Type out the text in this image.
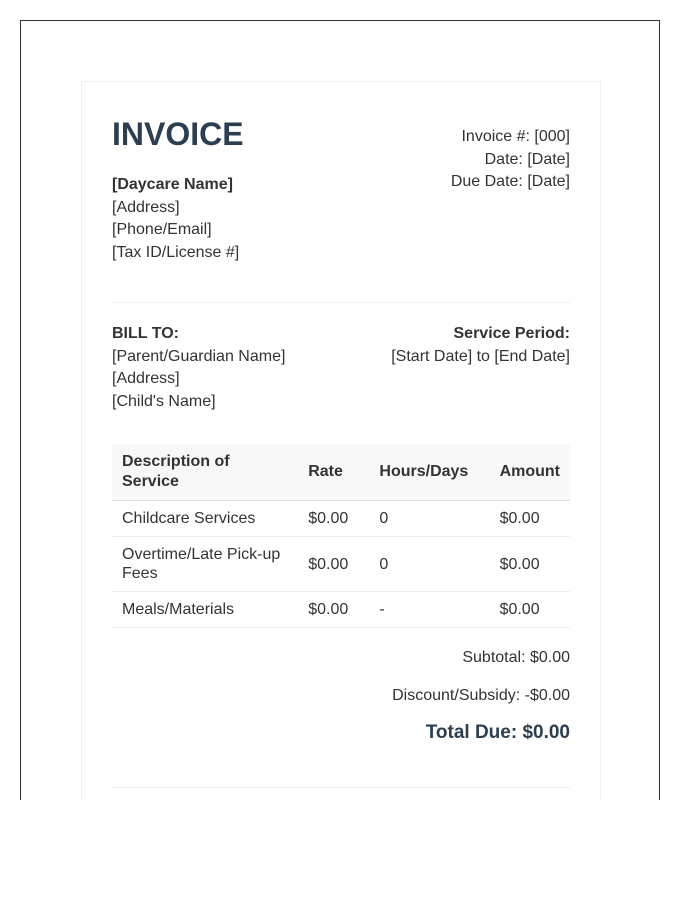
INVOICE
[Daycare Name]
[Address]
[Phone/Email]
[Tax ID/License #]
Invoice #: [000]
Date: [Date]
Due Date: [Date]
BILL TO:
[Parent/Guardian Name]
[Address]
[Child's Name]
Service Period:
[Start Date] to [End Date]
Description of Service	Rate	Hours/Days	Amount
Childcare Services	$0.00	0	$0.00
Overtime/Late Pick-up Fees	$0.00	0	$0.00
Meals/Materials	$0.00	-	$0.00
Subtotal: $0.00
Discount/Subsidy: -$0.00
Total Due: $0.00
